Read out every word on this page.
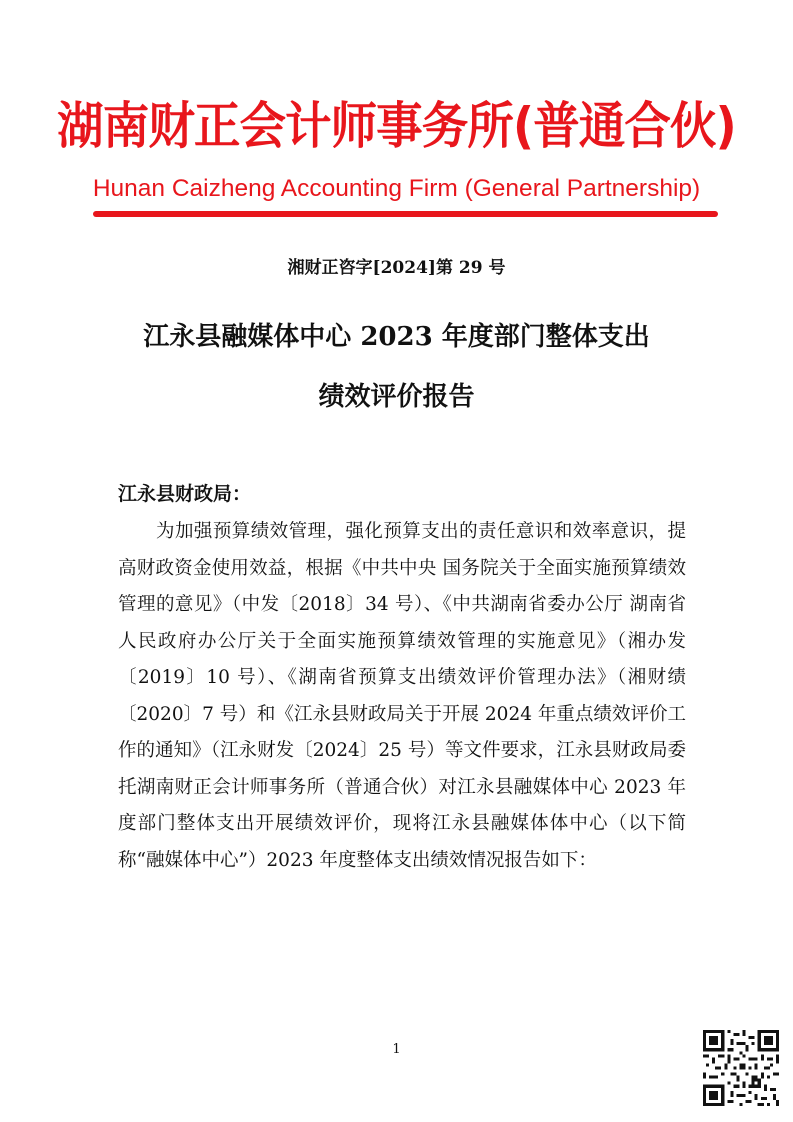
湖南财正会计师事务所(普通合伙)
Hunan Caizheng Accounting Firm (General Partnership)
湘财正咨字[2024]第 29 号
江永县融媒体中心 2023 年度部门整体支出
绩效评价报告
江永县财政局：
为加强预算绩效管理，强化预算支出的责任意识和效率意识，提高财政资金使用效益，根据《中共中央 国务院关于全面实施预算绩效管理的意见》（中发〔2018〕34 号）、《中共湖南省委办公厅 湖南省人民政府办公厅关于全面实施预算绩效管理的实施意见》（湘办发〔2019〕10 号）、《湖南省预算支出绩效评价管理办法》（湘财绩〔2020〕7 号）和《江永县财政局关于开展 2024 年重点绩效评价工作的通知》（江永财发〔2024〕25 号）等文件要求，江永县财政局委托湖南财正会计师事务所（普通合伙）对江永县融媒体中心 2023 年度部门整体支出开展绩效评价，现将江永县融媒体体中心（以下简称“融媒体中心”）2023 年度整体支出绩效情况报告如下：
1
